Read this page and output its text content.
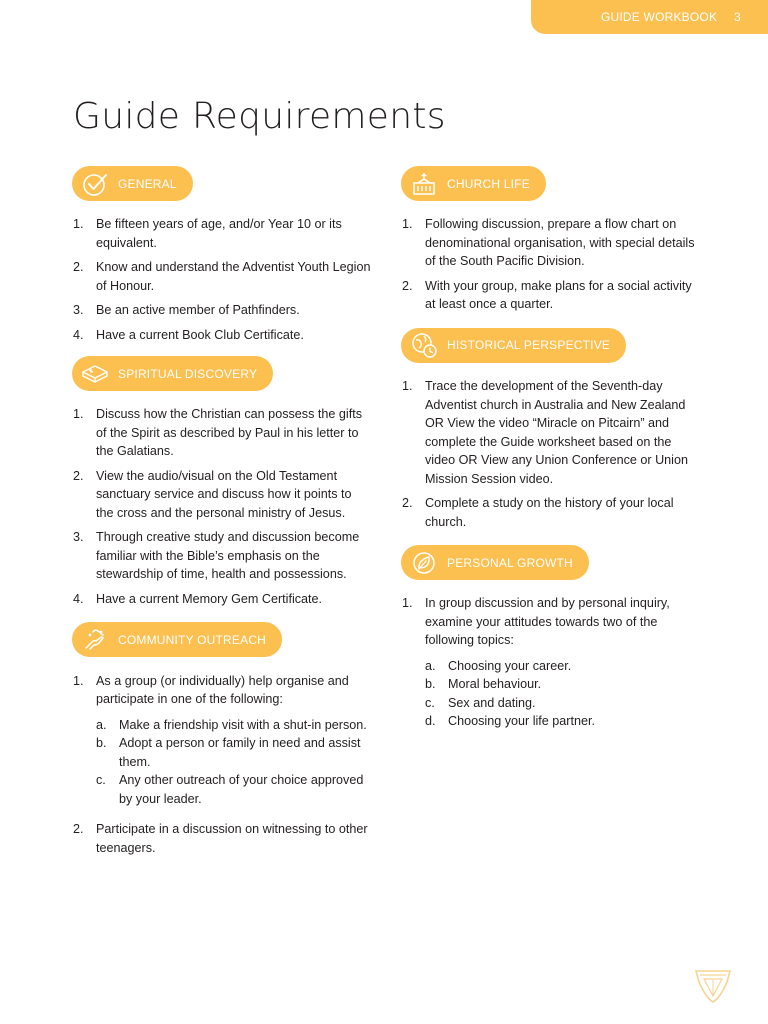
GUIDE WORKBOOK 3
Guide Requirements
GENERAL
1. Be fifteen years of age, and/or Year 10 or its equivalent.
2. Know and understand the Adventist Youth Legion of Honour.
3. Be an active member of Pathfinders.
4. Have a current Book Club Certificate.
SPIRITUAL DISCOVERY
1. Discuss how the Christian can possess the gifts of the Spirit as described by Paul in his letter to the Galatians.
2. View the audio/visual on the Old Testament sanctuary service and discuss how it points to the cross and the personal ministry of Jesus.
3. Through creative study and discussion become familiar with the Bible’s emphasis on the stewardship of time, health and possessions.
4. Have a current Memory Gem Certificate.
COMMUNITY OUTREACH
1. As a group (or individually) help organise and participate in one of the following:
a. Make a friendship visit with a shut-in person.
b. Adopt a person or family in need and assist them.
c. Any other outreach of your choice approved by your leader.
2. Participate in a discussion on witnessing to other teenagers.
CHURCH LIFE
1. Following discussion, prepare a flow chart on denominational organisation, with special details of the South Pacific Division.
2. With your group, make plans for a social activity at least once a quarter.
HISTORICAL PERSPECTIVE
1. Trace the development of the Seventh-day Adventist church in Australia and New Zealand OR View the video “Miracle on Pitcairn” and complete the Guide worksheet based on the video OR View any Union Conference or Union Mission Session video.
2. Complete a study on the history of your local church.
PERSONAL GROWTH
1. In group discussion and by personal inquiry, examine your attitudes towards two of the following topics:
a. Choosing your career.
b. Moral behaviour.
c. Sex and dating.
d. Choosing your life partner.
